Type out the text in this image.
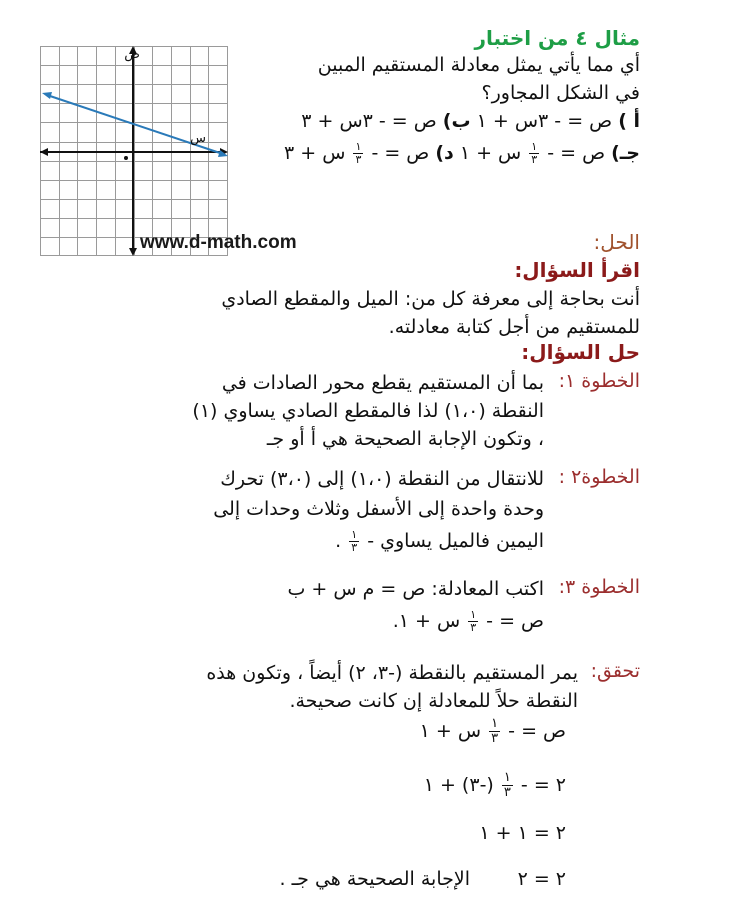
ص
س
www.d-math.com
مثال ٤ من اختبار
أي مما يأتي يمثل معادلة المستقيم المبين
في الشكل المجاور؟
أ ) ص = - ٣س + ١ ب) ص = - ٣س + ٣
جـ) ص = -
$\frac{١}{٣}$
س + ١ د) ص = -
$\frac{١}{٣}$
س + ٣
الحل:
اقرأ السؤال:
أنت بحاجة إلى معرفة كل من: الميل والمقطع الصادي
للمستقيم من أجل كتابة معادلته.
حل السؤال:
الخطوة ١:
بما أن المستقيم يقطع محور الصادات في
النقطة (١،٠) لذا فالمقطع الصادي يساوي (١)
، وتكون الإجابة الصحيحة هي أ أو جـ
الخطوة٢ :
للانتقال من النقطة (١،٠) إلى (٣،٠) تحرك
وحدة واحدة إلى الأسفل وثلاث وحدات إلى
اليمين فالميل يساوي -
$\frac{١}{٣}$
.
الخطوة ٣:
اكتب المعادلة: ص = م س + ب
ص = -
$\frac{١}{٣}$
س + ١.
تحقق:
يمر المستقيم بالنقطة (-٣، ٢) أيضاً ، وتكون هذه
النقطة حلاً للمعادلة إن كانت صحيحة.
ص = -
$\frac{١}{٣}$
س + ١
٢ = -
$\frac{١}{٣}$
(-٣) + ١
٢ = ١ + ١
٢ = ٢
الإجابة الصحيحة هي جـ .
